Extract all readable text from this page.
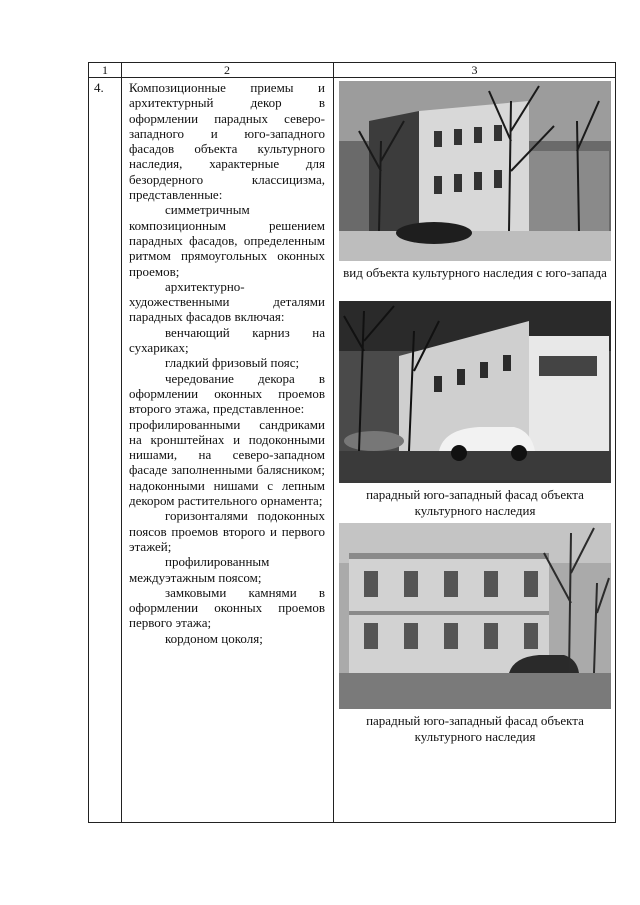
1	2	3
4. Композиционные приемы и архитектурный декор в оформлении парадных северо-западного и юго-западного фасадов объекта культурного наследия, характерные для безордерного классицизма, представленные:

симметричным композиционным решением парадных фасадов, определенным ритмом прямоугольных оконных проемов;

архитектурно-художественными деталями парадных фасадов включая:

венчающий карниз на сухариках;

гладкий фризовый пояс;

чередование декора в оформлении оконных проемов второго этажа, представленное:

профилированными сандриками на кронштейнах и подоконными нишами, на северо-западном фасаде заполненными балясником; надоконными нишами с лепным декором растительного орнамента;

горизонталями подоконных поясов проемов второго и первого этажей;

профилированным междуэтажным поясом;

замковыми камнями в оформлении оконных проемов первого этажа;

кордоном цоколя;

вид объекта культурного наследия с юго-запада
парадный юго-западный фасад объекта культурного наследия
парадный юго-западный фасад объекта культурного наследия
